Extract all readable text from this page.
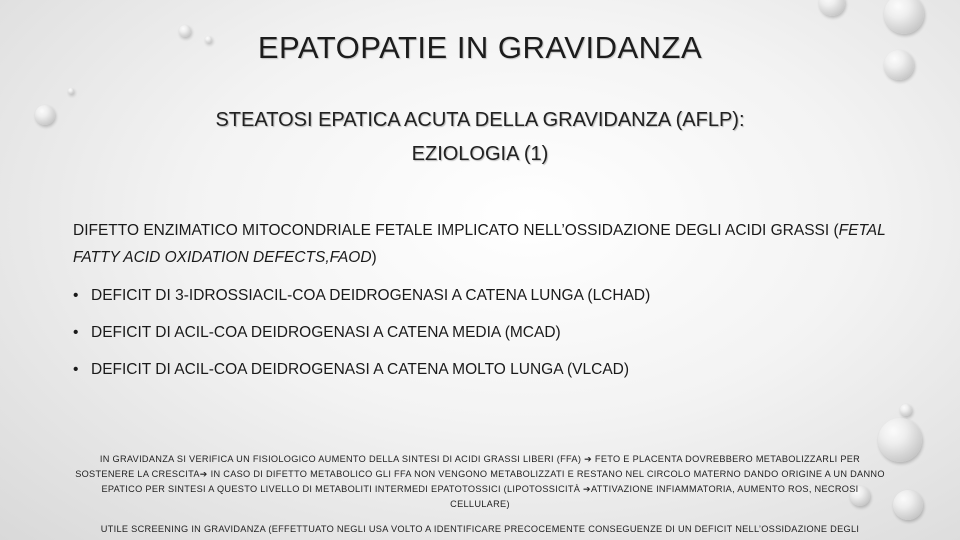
EPATOPATIE IN GRAVIDANZA
STEATOSI EPATICA ACUTA DELLA GRAVIDANZA (AFLP):
EZIOLOGIA (1)
DIFETTO ENZIMATICO MITOCONDRIALE FETALE IMPLICATO NELL’OSSIDAZIONE DEGLI ACIDI GRASSI (FETAL FATTY ACID OXIDATION DEFECTS,FAOD)
• DEFICIT DI 3-IDROSSIACIL-COA DEIDROGENASI A CATENA LUNGA (LCHAD)
• DEFICIT DI ACIL-COA DEIDROGENASI A CATENA MEDIA (MCAD)
• DEFICIT DI ACIL-COA DEIDROGENASI A CATENA MOLTO LUNGA (VLCAD)
IN GRAVIDANZA SI VERIFICA UN FISIOLOGICO AUMENTO DELLA SINTESI DI ACIDI GRASSI LIBERI (FFA) ➔ FETO E PLACENTA DOVREBBERO METABOLIZZARLI PER SOSTENERE LA CRESCITA➔ IN CASO DI DIFETTO METABOLICO GLI FFA NON VENGONO METABOLIZZATI E RESTANO NEL CIRCOLO MATERNO DANDO ORIGINE A UN DANNO EPATICO PER SINTESI A QUESTO LIVELLO DI METABOLITI INTERMEDI EPATOTOSSICI (LIPOTOSSICITÀ ➔ATTIVAZIONE INFIAMMATORIA, AUMENTO ROS, NECROSI CELLULARE)
UTILE SCREENING IN GRAVIDANZA (EFFETTUATO NEGLI USA VOLTO A IDENTIFICARE PRECOCEMENTE CONSEGUENZE DI UN DEFICIT NELL’OSSIDAZIONE DEGLI
